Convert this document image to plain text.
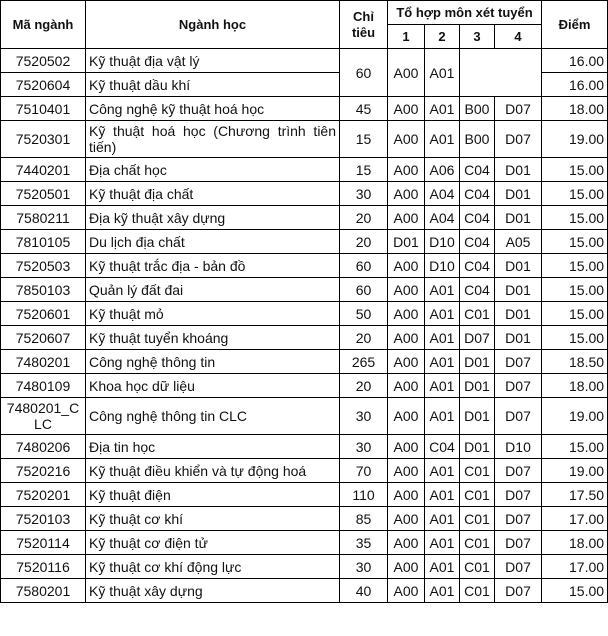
Mã ngành	Ngành học	Chỉ tiêu	Tổ hợp môn xét tuyển				Điểm
			1	2	3	4	
7520502	Kỹ thuật địa vật lý	60	A00	A01			16.00
7520604	Kỹ thuật dầu khí						16.00
7510401	Công nghệ kỹ thuật hoá học	45	A00	A01	B00	D07	18.00
7520301	Kỹ thuật hoá học (Chương trình tiên tiến)	15	A00	A01	B00	D07	19.00
7440201	Địa chất học	15	A00	A06	C04	D01	15.00
7520501	Kỹ thuật địa chất	30	A00	A04	C04	D01	15.00
7580211	Địa kỹ thuật xây dựng	20	A00	A04	C04	D01	15.00
7810105	Du lịch địa chất	20	D01	D10	C04	A05	15.00
7520503	Kỹ thuật trắc địa - bản đồ	60	A00	D10	C04	D01	15.00
7850103	Quản lý đất đai	60	A00	A01	C04	D01	15.00
7520601	Kỹ thuật mỏ	50	A00	A01	C01	D01	15.00
7520607	Kỹ thuật tuyển khoáng	20	A00	A01	D07	D01	15.00
7480201	Công nghệ thông tin	265	A00	A01	D01	D07	18.50
7480109	Khoa học dữ liệu	20	A00	A01	D01	D07	18.00
7480201_CLC	Công nghệ thông tin CLC	30	A00	A01	D01	D07	19.00
7480206	Địa tin học	30	A00	C04	D01	D10	15.00
7520216	Kỹ thuật điều khiển và tự động hoá	70	A00	A01	C01	D07	19.00
7520201	Kỹ thuật điện	110	A00	A01	C01	D07	17.50
7520103	Kỹ thuật cơ khí	85	A00	A01	C01	D07	17.00
7520114	Kỹ thuật cơ điện tử	35	A00	A01	C01	D07	18.00
7520116	Kỹ thuật cơ khí động lực	30	A00	A01	C01	D07	17.00
7580201	Kỹ thuật xây dựng	40	A00	A01	C01	D07	15.00
